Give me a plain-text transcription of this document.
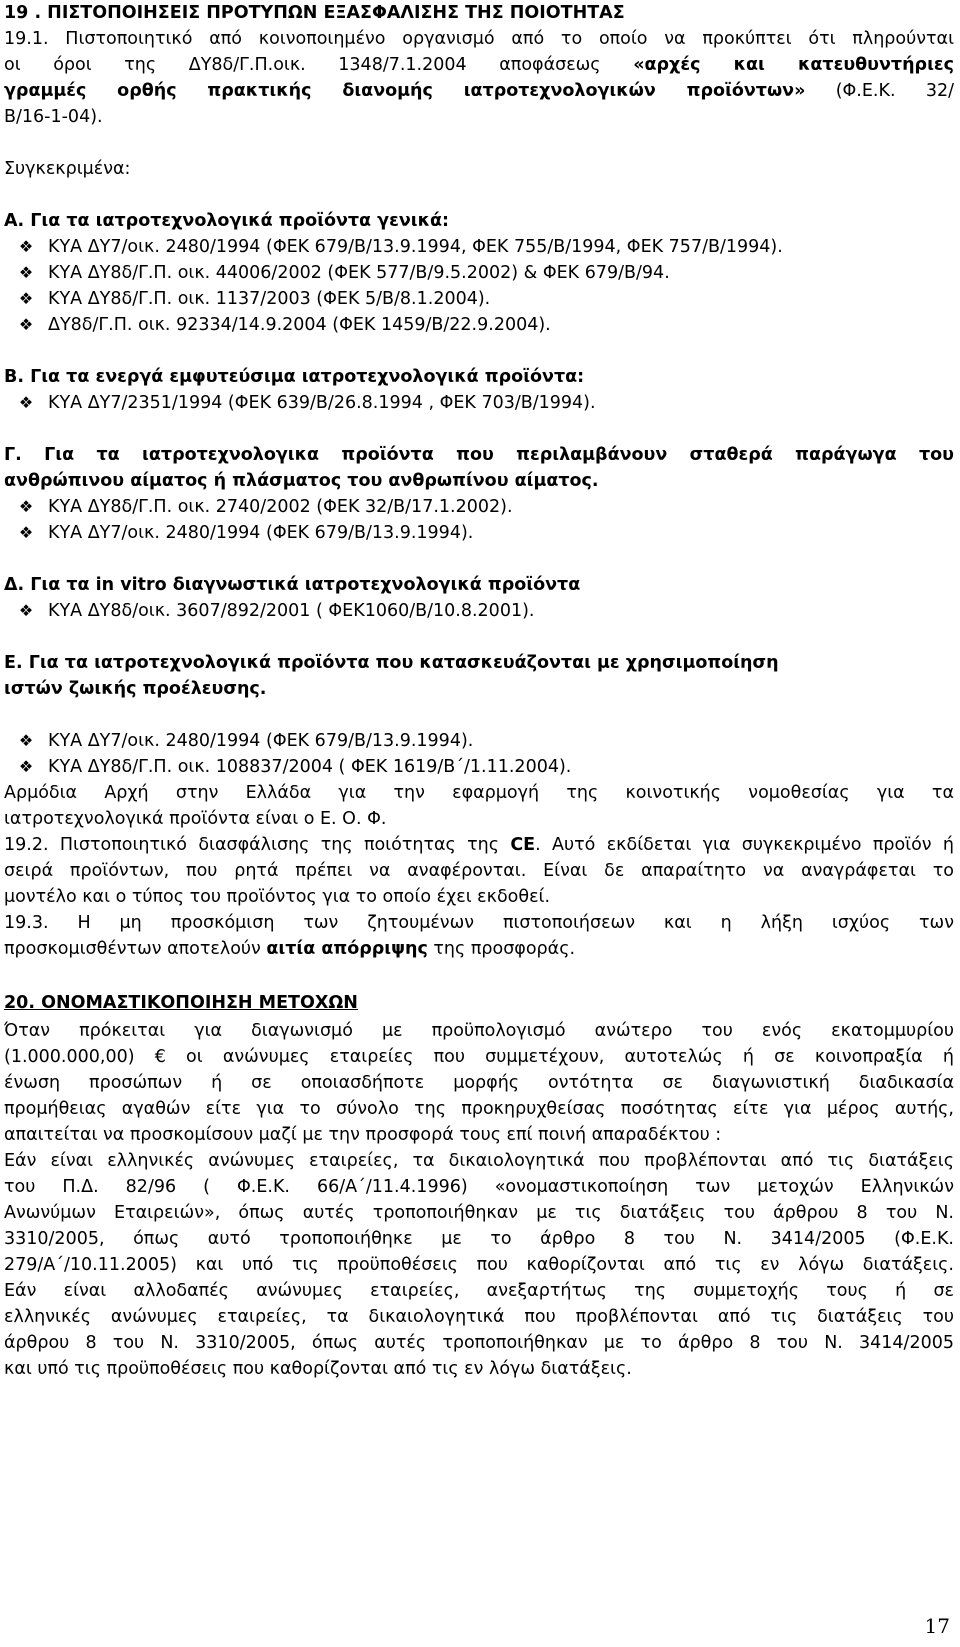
19 . ΠΙΣΤΟΠΟΙΗΣΕΙΣ ΠΡΟΤΥΠΩΝ ΕΞΑΣΦΑΛΙΣΗΣ ΤΗΣ ΠΟΙΟΤΗΤΑΣ
19.1. Πιστοποιητικό από κοινοποιημένο οργανισμό από το οποίο να προκύπτει ότι πληρούνται
οι όροι της ΔΥ8δ/Γ.Π.οικ. 1348/7.1.2004 αποφάσεως «αρχές και κατευθυντήριες
γραμμές ορθής πρακτικής διανομής ιατροτεχνολογικών προϊόντων» (Φ.Ε.Κ. 32/
Β/16-1-04).
Συγκεκριμένα:
Α. Για τα ιατροτεχνολογικά προϊόντα γενικά:
❖ ΚΥΑ ΔΥ7/οικ. 2480/1994 (ΦΕΚ 679/Β/13.9.1994, ΦΕΚ 755/Β/1994, ΦΕΚ 757/Β/1994).
❖ ΚΥΑ ΔΥ8δ/Γ.Π. οικ. 44006/2002 (ΦΕΚ 577/Β/9.5.2002) & ΦΕΚ 679/Β/94.
❖ ΚΥΑ ΔΥ8δ/Γ.Π. οικ. 1137/2003 (ΦΕΚ 5/Β/8.1.2004).
❖ ΔΥ8δ/Γ.Π. οικ. 92334/14.9.2004 (ΦΕΚ 1459/Β/22.9.2004).
Β. Για τα ενεργά εμφυτεύσιμα ιατροτεχνολογικά προϊόντα:
❖ ΚΥΑ ΔΥ7/2351/1994 (ΦΕΚ 639/Β/26.8.1994 , ΦΕΚ 703/Β/1994).
Γ. Για τα ιατροτεχνολογικα προϊόντα που περιλαμβάνουν σταθερά παράγωγα του
ανθρώπινου αίματος ή πλάσματος του ανθρωπίνου αίματος.
❖ ΚΥΑ ΔΥ8δ/Γ.Π. οικ. 2740/2002 (ΦΕΚ 32/Β/17.1.2002).
❖ ΚΥΑ ΔΥ7/οικ. 2480/1994 (ΦΕΚ 679/Β/13.9.1994).
Δ. Για τα in vitro διαγνωστικά ιατροτεχνολογικά προϊόντα
❖ ΚΥΑ ΔΥ8δ/οικ. 3607/892/2001 ( ΦΕΚ1060/Β/10.8.2001).
Ε. Για τα ιατροτεχνολογικά προϊόντα που κατασκευάζονται με χρησιμοποίηση
ιστών ζωικής προέλευσης.
❖ ΚΥΑ ΔΥ7/οικ. 2480/1994 (ΦΕΚ 679/Β/13.9.1994).
❖ ΚΥΑ ΔΥ8δ/Γ.Π. οικ. 108837/2004 ( ΦΕΚ 1619/Β΄/1.11.2004).
Αρμόδια Αρχή στην Ελλάδα για την εφαρμογή της κοινοτικής νομοθεσίας για τα
ιατροτεχνολογικά προϊόντα είναι ο Ε. Ο. Φ.
19.2. Πιστοποιητικό διασφάλισης της ποιότητας της CE. Αυτό εκδίδεται για συγκεκριμένο προϊόν ή
σειρά προϊόντων, που ρητά πρέπει να αναφέρονται. Είναι δε απαραίτητο να αναγράφεται το
μοντέλο και ο τύπος του προϊόντος για το οποίο έχει εκδοθεί.
19.3. Η μη προσκόμιση των ζητουμένων πιστοποιήσεων και η λήξη ισχύος των
προσκομισθέντων αποτελούν αιτία απόρριψης της προσφοράς.
20. ΟΝΟΜΑΣΤΙΚΟΠΟΙΗΣΗ ΜΕΤΟΧΩΝ
Όταν πρόκειται για διαγωνισμό με προϋπολογισμό ανώτερο του ενός εκατομμυρίου
(1.000.000,00) € οι ανώνυμες εταιρείες που συμμετέχουν, αυτοτελώς ή σε κοινοπραξία ή
ένωση προσώπων ή σε οποιασδήποτε μορφής οντότητα σε διαγωνιστική διαδικασία
προμήθειας αγαθών είτε για το σύνολο της προκηρυχθείσας ποσότητας είτε για μέρος αυτής,
απαιτείται να προσκομίσουν μαζί με την προσφορά τους επί ποινή απαραδέκτου :
Εάν είναι ελληνικές ανώνυμες εταιρείες, τα δικαιολογητικά που προβλέπονται από τις διατάξεις
του Π.Δ. 82/96 ( Φ.Ε.Κ. 66/Α΄/11.4.1996) «ονομαστικοποίηση των μετοχών Ελληνικών
Ανωνύμων Εταιρειών», όπως αυτές τροποποιήθηκαν με τις διατάξεις του άρθρου 8 του Ν.
3310/2005, όπως αυτό τροποποιήθηκε με το άρθρο 8 του Ν. 3414/2005 (Φ.Ε.Κ.
279/Α΄/10.11.2005) και υπό τις προϋποθέσεις που καθορίζονται από τις εν λόγω διατάξεις.
Εάν είναι αλλοδαπές ανώνυμες εταιρείες, ανεξαρτήτως της συμμετοχής τους ή σε
ελληνικές ανώνυμες εταιρείες, τα δικαιολογητικά που προβλέπονται από τις διατάξεις του
άρθρου 8 του Ν. 3310/2005, όπως αυτές τροποποιήθηκαν με το άρθρο 8 του Ν. 3414/2005
και υπό τις προϋποθέσεις που καθορίζονται από τις εν λόγω διατάξεις.
17
